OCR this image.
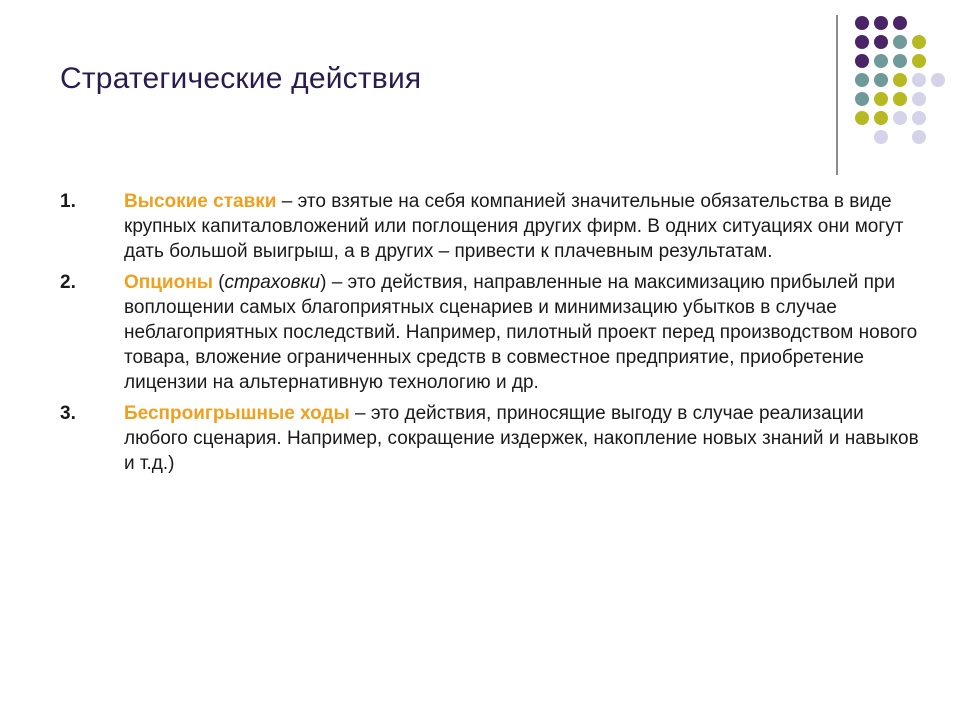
Стратегические действия
1.	Высокие ставки – это взятые на себя компанией значительные обязательства в виде крупных капиталовложений или поглощения других фирм. В одних ситуациях они могут дать большой выигрыш, а в других – привести к плачевным результатам.
2.	Опционы (страховки) – это действия, направленные на максимизацию прибылей при воплощении самых благоприятных сценариев и минимизацию убытков в случае неблагоприятных последствий. Например, пилотный проект перед производством нового товара, вложение ограниченных средств в совместное предприятие, приобретение лицензии на альтернативную технологию и др.
3.	Беспроигрышные ходы – это действия, приносящие выгоду в случае реализации любого сценария. Например, сокращение издержек, накопление новых знаний и навыков и т.д.)
